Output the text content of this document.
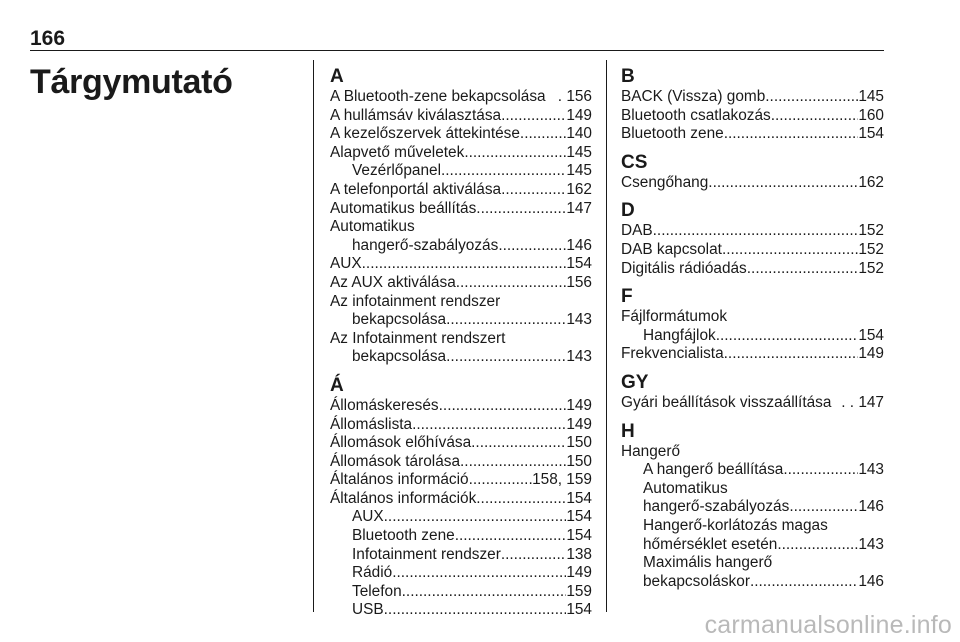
166
Tárgymutató	A
A Bluetooth-zene bekapcsolása . 156
A hullámsáv kiválasztása .....	149
A kezelőszervek áttekintése .....	140
Alapvető műveletek .....	145
Vezérlőpanel .....	145
A telefonportál aktiválása .....	162
Automatikus beállítás .....	147
Automatikus
hangerő-szabályozás .....	146
AUX .....	154
Az AUX aktiválása .....	156
Az infotainment rendszer
bekapcsolása .....	143
Az Infotainment rendszert
bekapcsolása .....	143
Á
Állomáskeresés .....	149
Állomáslista .....	149
Állomások előhívása .....	150
Állomások tárolása .....	150
Általános információ .....	158, 159
Általános információk .....	154
AUX .....	154
Bluetooth zene .....	154
Infotainment rendszer .....	138
Rádió .....	149
Telefon .....	159
USB .....	154
B
BACK (Vissza) gomb .....	145
Bluetooth csatlakozás .....	160
Bluetooth zene .....	154
CS
Csengőhang .....	162
D
DAB .....	152
DAB kapcsolat .....	152
Digitális rádióadás .....	152
F
Fájlformátumok
Hangfájlok .....	154
Frekvencialista .....	149
GY
Gyári beállítások visszaállítása . . 147
H
Hangerő
A hangerő beállítása .....	143
Automatikus
hangerő-szabályozás .....	146
Hangerő-korlátozás magas
hőmérséklet esetén .....	143
Maximális hangerő
bekapcsoláskor .....	146
carmanualsonline.info
